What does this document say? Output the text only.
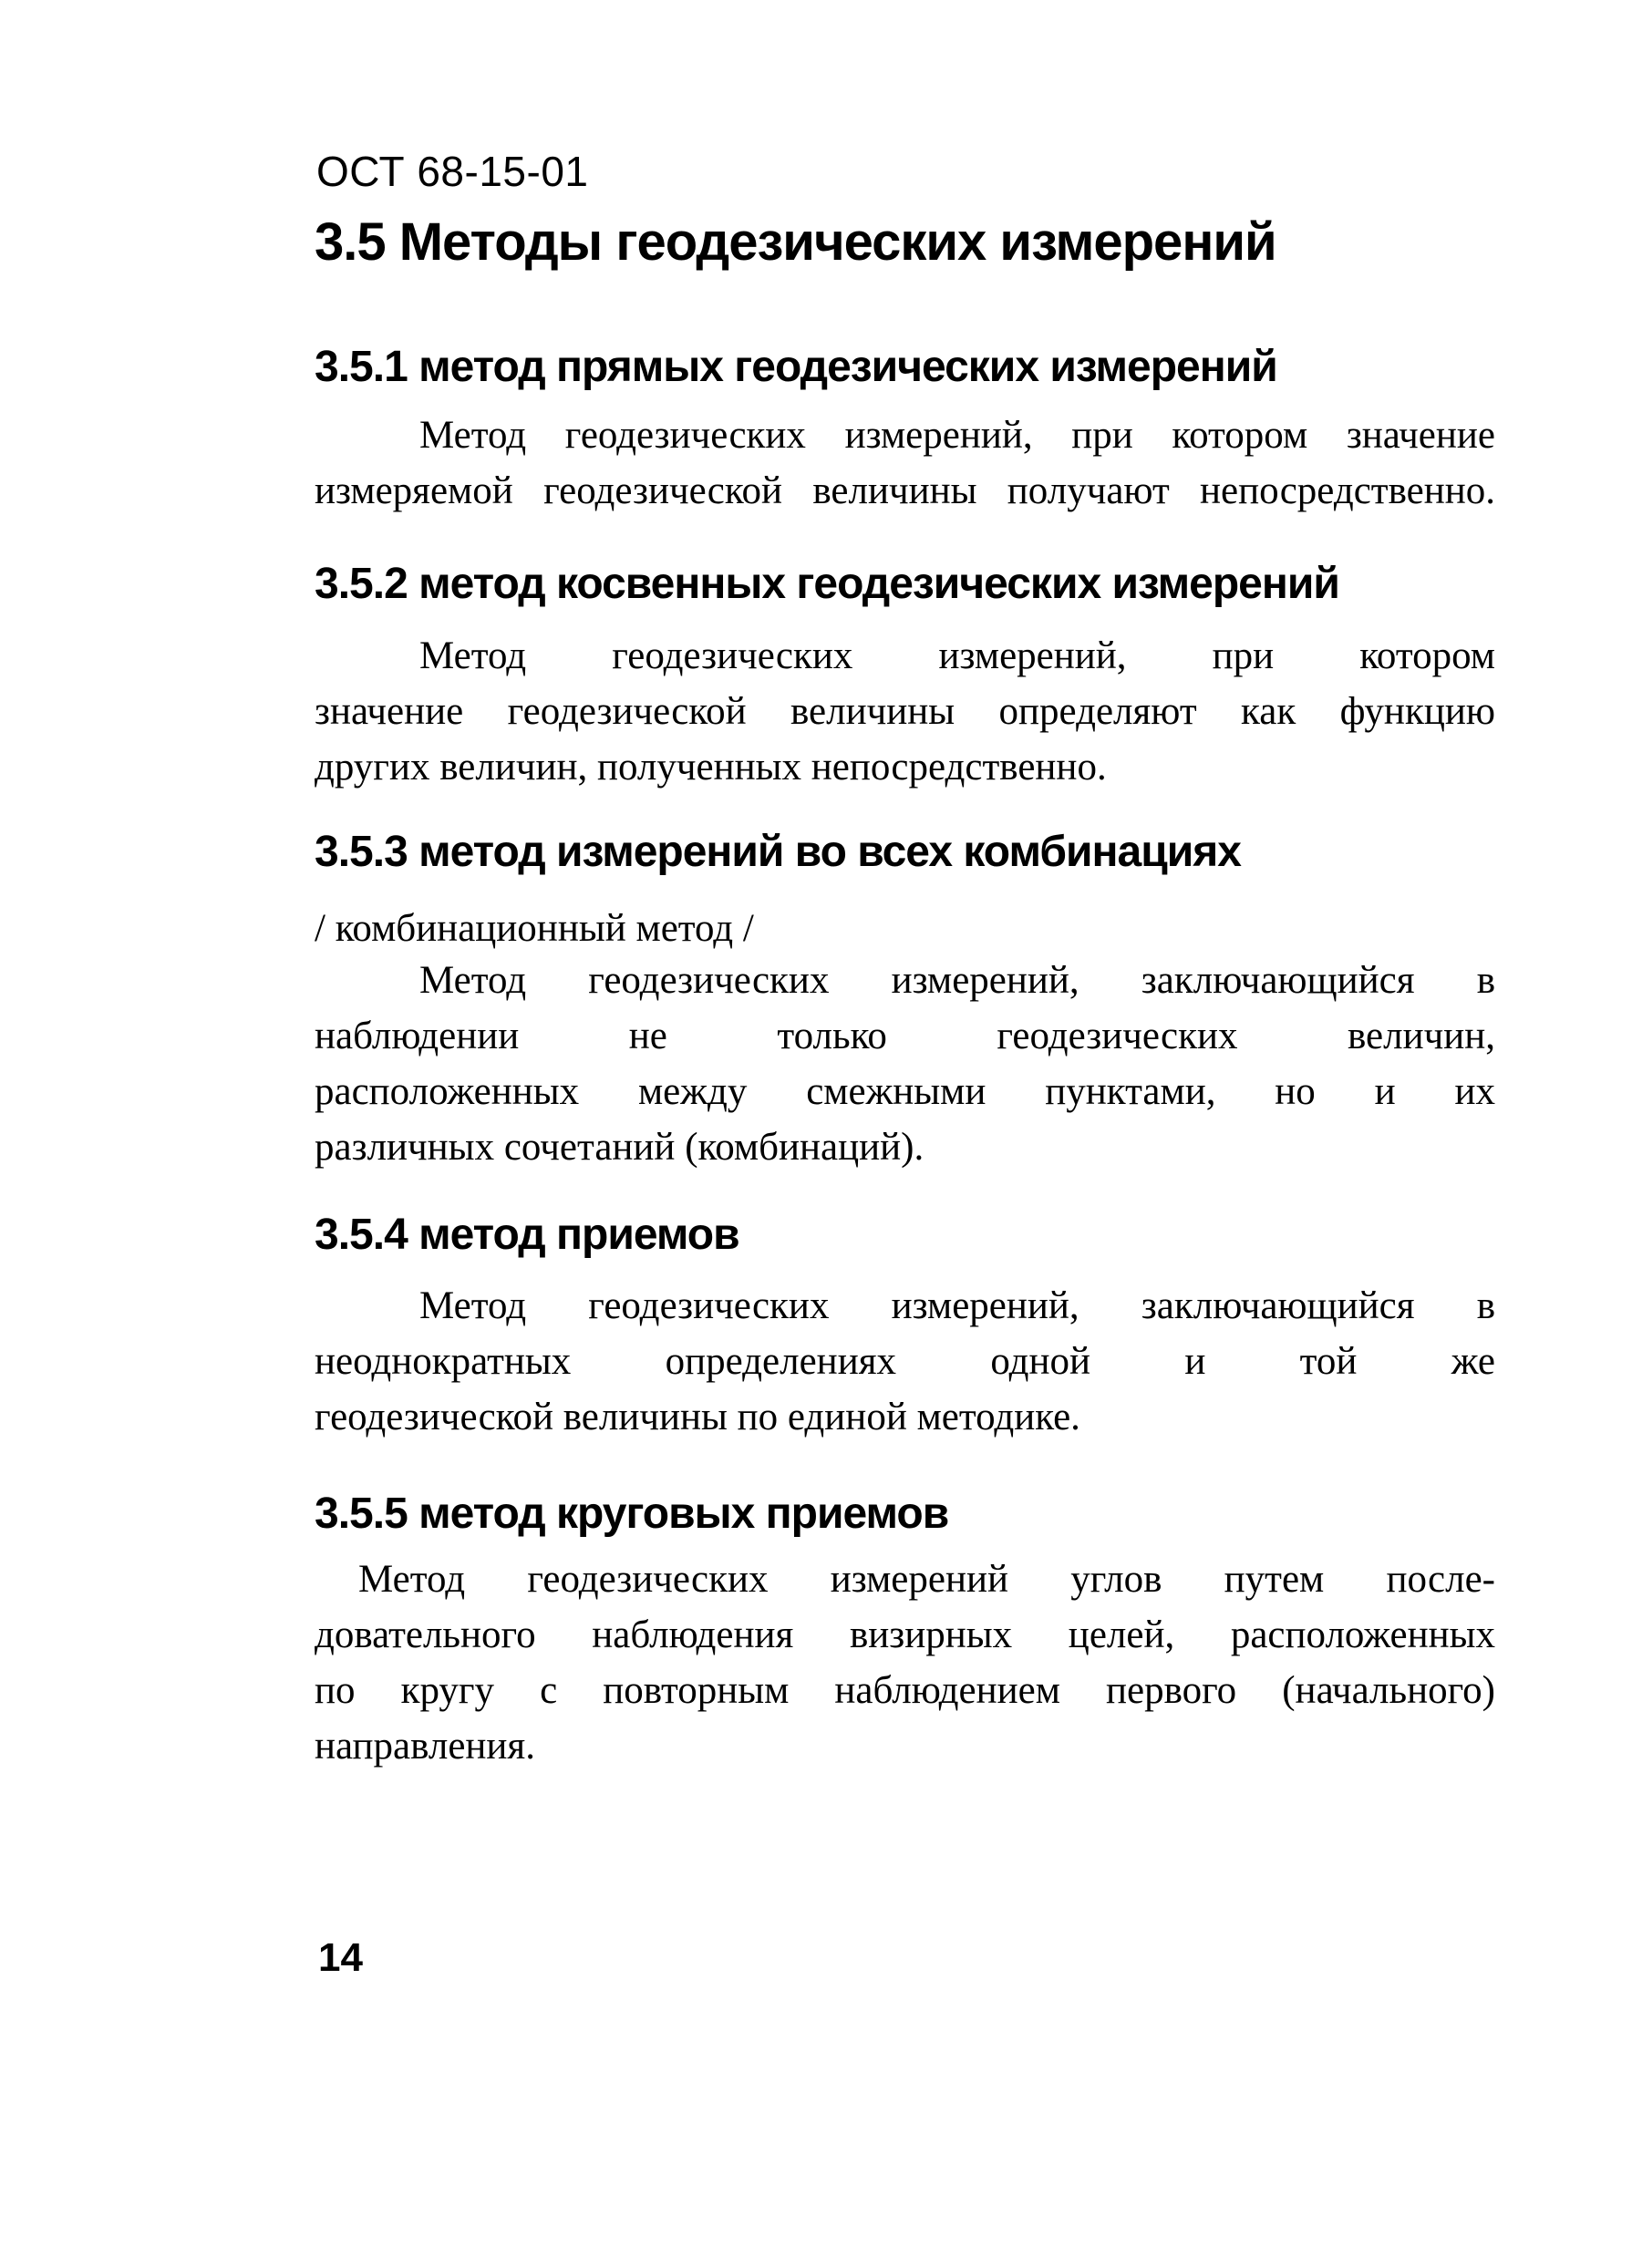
ОСТ 68-15-01
3.5 Методы геодезических измерений
3.5.1 метод прямых геодезических измерений
Метод геодезических измерений, при котором значение
измеряемой геодезической величины получают непосредственно.
3.5.2 метод косвенных геодезических измерений
Метод геодезических измерений, при котором
значение геодезической величины определяют как функцию
других величин, полученных непосредственно.
3.5.3 метод измерений во всех комбинациях
/ комбинационный метод /
Метод геодезических измерений, заключающийся в
наблюдении не только геодезических величин,
расположенных между смежными пунктами, но и их
различных сочетаний (комбинаций).
3.5.4 метод приемов
Метод геодезических измерений, заключающийся в
неоднократных определениях одной и той же
геодезической величины по единой методике.
3.5.5 метод круговых приемов
Метод геодезических измерений углов путем после-
довательного наблюдения визирных целей, расположенных
по кругу с повторным наблюдением первого (начального)
направления.
14
